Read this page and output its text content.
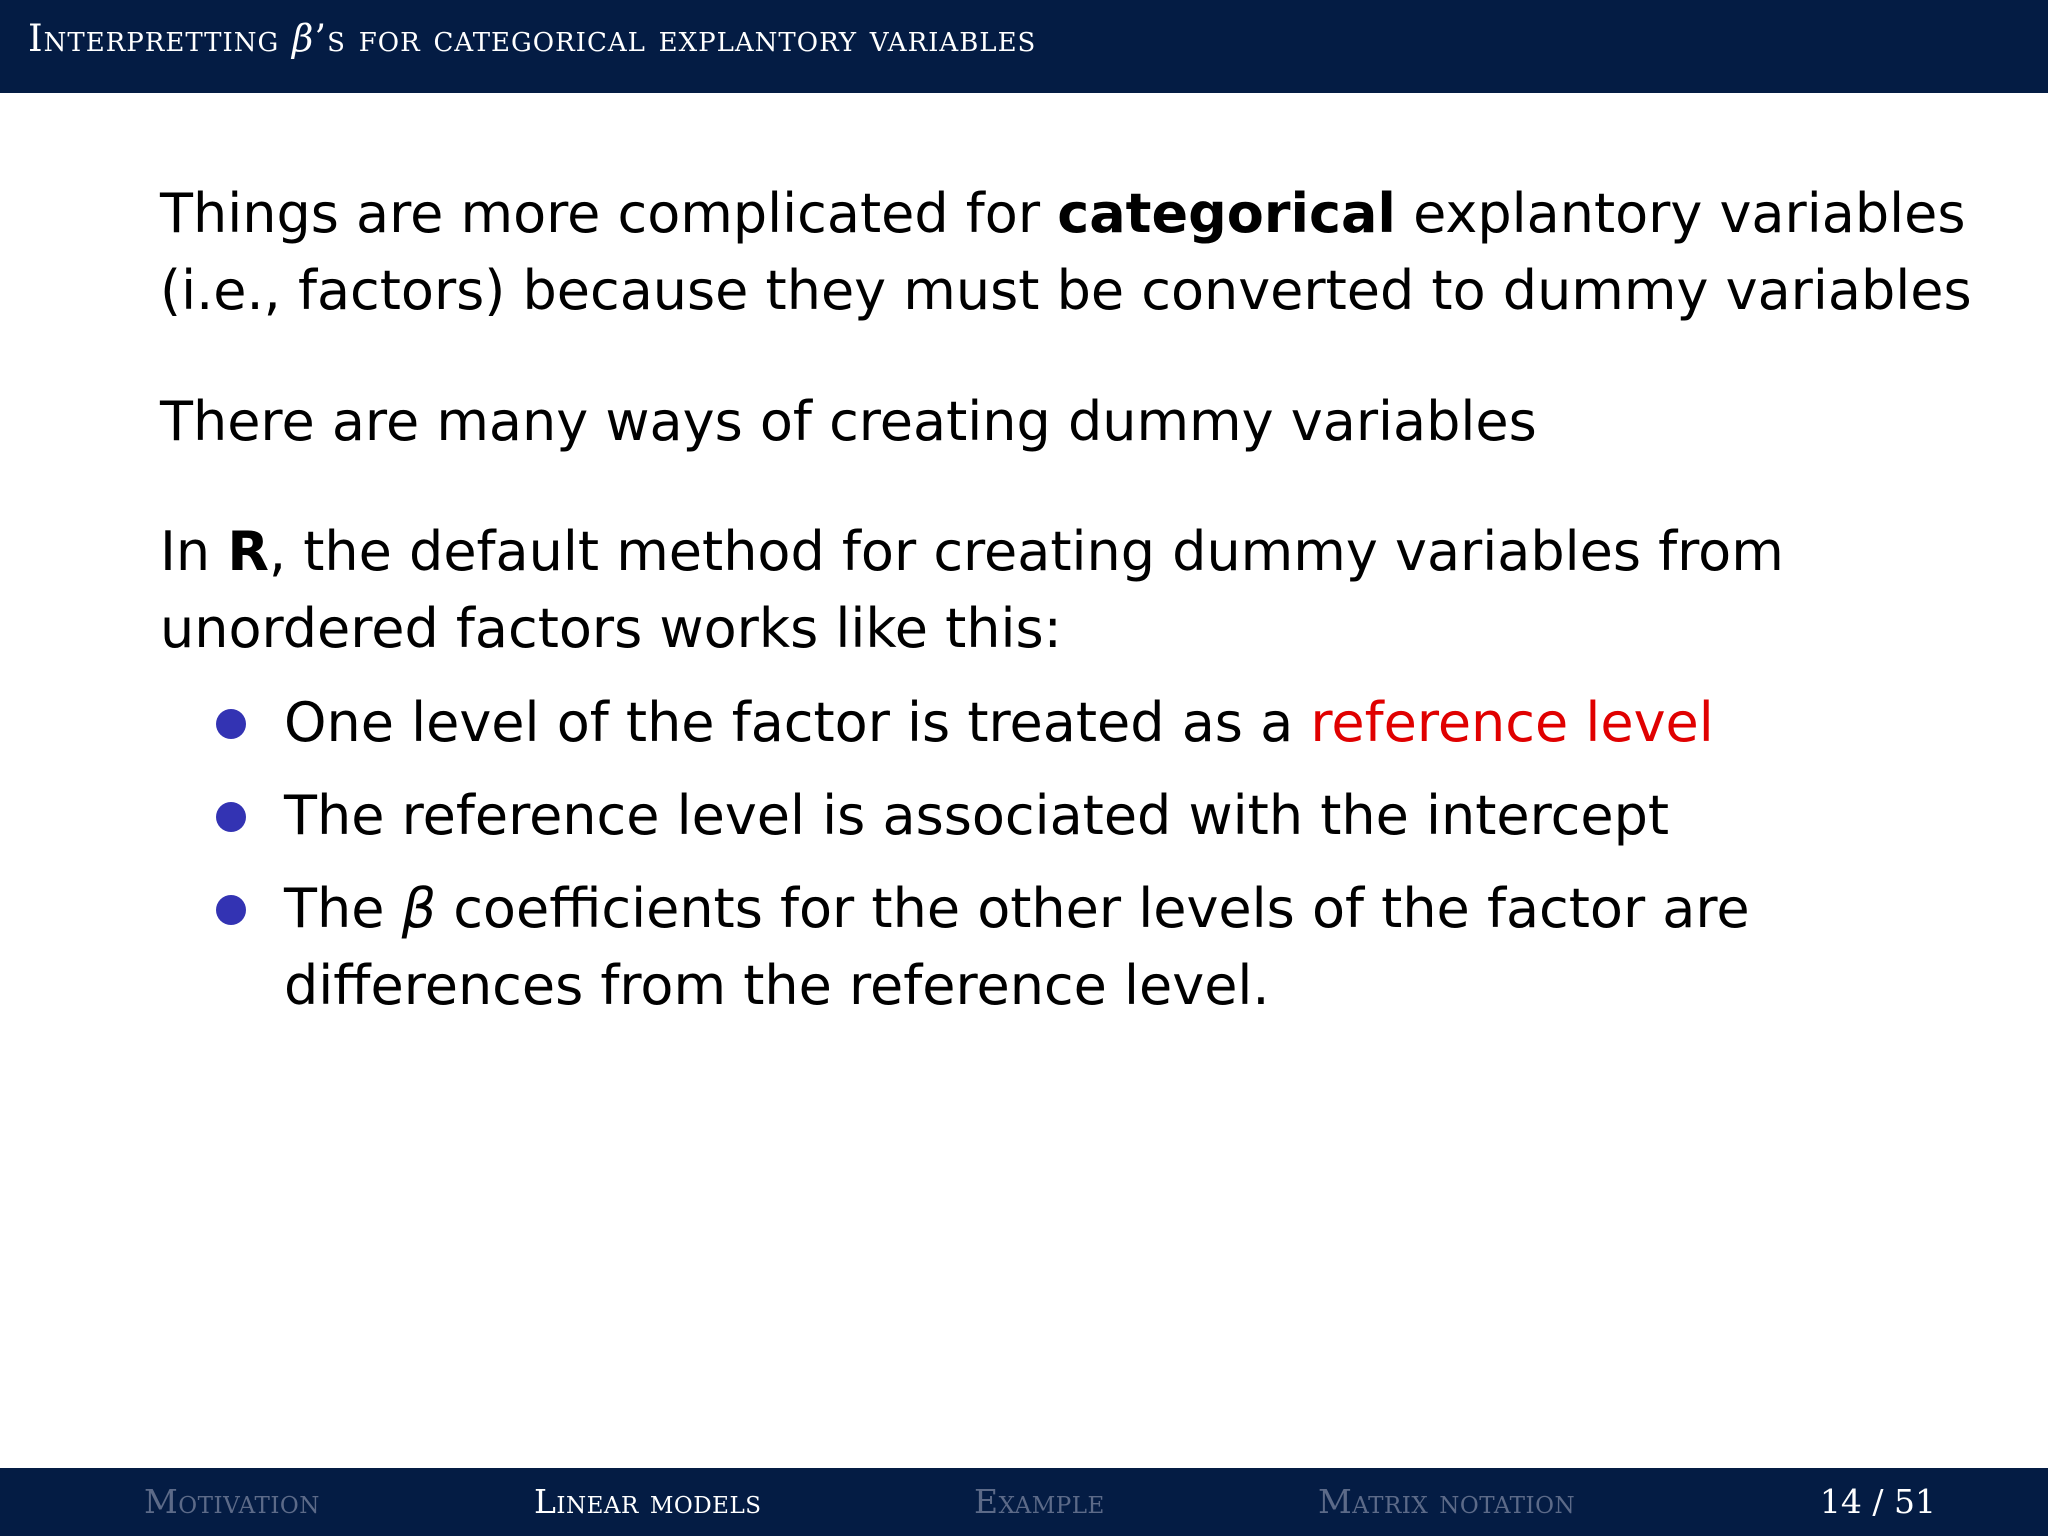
Interpretting β’s for categorical explantory variables

Things are more complicated for categorical explantory variables
(i.e., factors) because they must be converted to dummy variables

There are many ways of creating dummy variables

In R, the default method for creating dummy variables from
unordered factors works like this:

One level of the factor is treated as a reference level
The reference level is associated with the intercept
The β coefficients for the other levels of the factor are
differences from the reference level.
Motivation	Linear models	Example	Matrix notation	14 / 51
